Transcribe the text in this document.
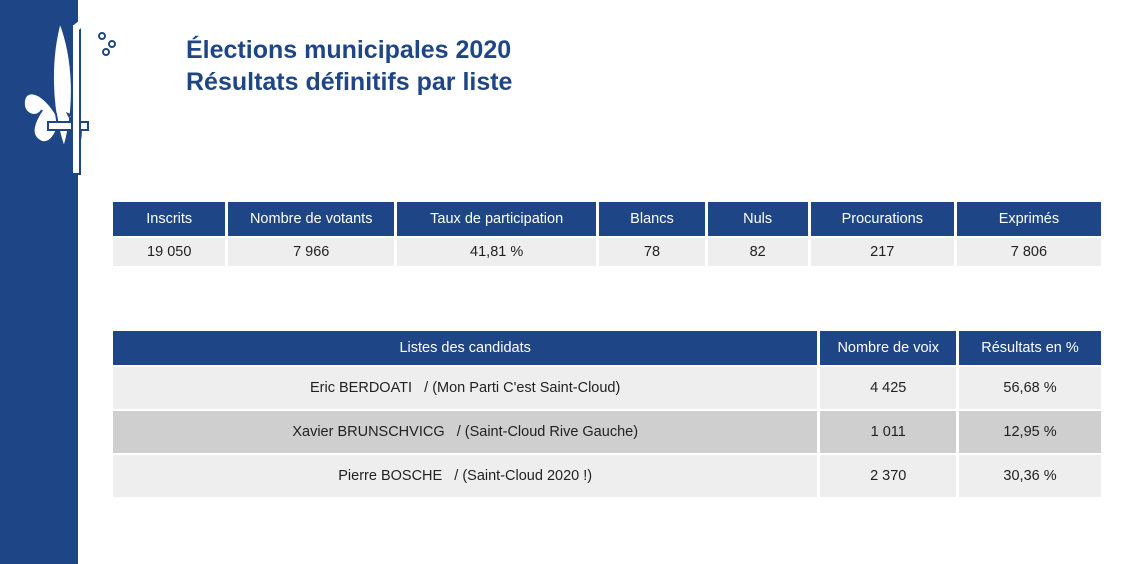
Élections municipales 2020
Résultats définitifs par liste
Inscrits	Nombre de votants	Taux de participation	Blancs	Nuls	Procurations	Exprimés
19 050	7 966	41,81 %	78	82	217	7 806
Listes des candidats	Nombre de voix	Résultats en %
Eric BERDOATI   / (Mon Parti C'est Saint-Cloud)	4 425	56,68 %
Xavier BRUNSCHVICG   / (Saint-Cloud Rive Gauche)	1 011	12,95 %
Pierre BOSCHE   / (Saint-Cloud 2020 !)	2 370	30,36 %
